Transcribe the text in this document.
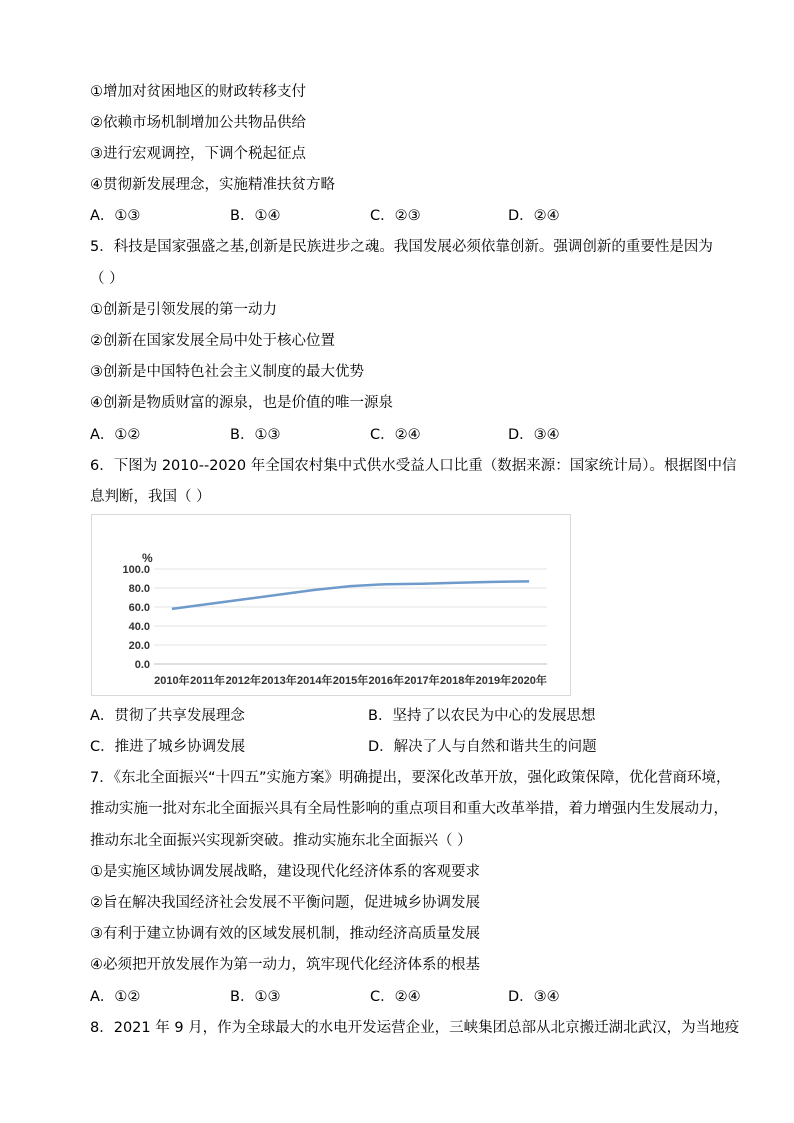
①增加对贫困地区的财政转移支付
②依赖市场机制增加公共物品供给
③进行宏观调控，下调个税起征点
④贯彻新发展理念，实施精准扶贫方略
A．①③	B．①④	C．②③	D．②④
5．科技是国家强盛之基,创新是民族进步之魂。我国发展必须依靠创新。强调创新的重要性是因为
（ ）
①创新是引领发展的第一动力
②创新在国家发展全局中处于核心位置
③创新是中国特色社会主义制度的最大优势
④创新是物质财富的源泉，也是价值的唯一源泉
A．①②	B．①③	C．②④	D．③④
6．下图为 2010--2020 年全国农村集中式供水受益人口比重（数据来源：国家统计局）。根据图中信
息判断，我国（ ）
%
100.0
80.0
60.0
40.0
20.0
0.0
2010年 2011年 2012年 2013年 2014年 2015年 2016年 2017年 2018年 2019年 2020年
A．贯彻了共享发展理念	B．坚持了以农民为中心的发展思想
C．推进了城乡协调发展	D．解决了人与自然和谐共生的问题
7．《东北全面振兴“十四五”实施方案》明确提出，要深化改革开放，强化政策保障，优化营商环境，
推动实施一批对东北全面振兴具有全局性影响的重点项目和重大改革举措，着力增强内生发展动力，
推动东北全面振兴实现新突破。推动实施东北全面振兴（ ）
①是实施区域协调发展战略，建设现代化经济体系的客观要求
②旨在解决我国经济社会发展不平衡问题，促进城乡协调发展
③有利于建立协调有效的区域发展机制，推动经济高质量发展
④必须把开放发展作为第一动力，筑牢现代化经济体系的根基
A．①②	B．①③	C．②④	D．③④
8．2021 年 9 月，作为全球最大的水电开发运营企业，三峡集团总部从北京搬迁湖北武汉，为当地疫
